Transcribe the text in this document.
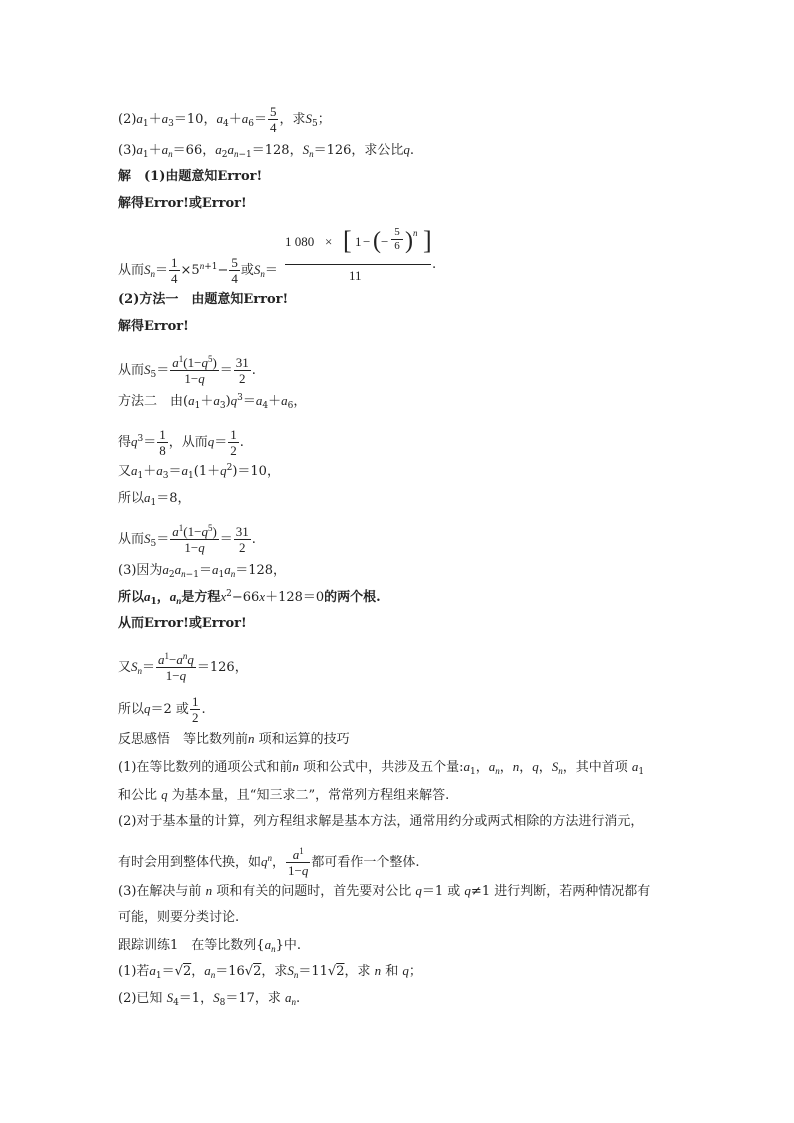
$(2)a_1+a_3=10$，$a_4+a_6= \frac{5}{4}$ ，求$S_5$；
$(3)a_1+a_n=66$，$a_2a_{n-1}=128$，$S_n=126$，求公比q.
解　 (1)由题意知Error!
解得Error!或Error!
从而$S_n= \frac{1}{4} \times 5^{n+1}- \frac{5}{4}$ 或$S_n=$
1 080 × [ 1 − ( −
5
6 ) n ]
11
.
(2)方法一　由题意知Error!
解得Error!
从而$S_5= \frac{a^1(1-q^5)}{1-q} = \frac{31}{2}$ .
方法二　由$(a_1+a_3)q^3=a_4+a_6$，
得$q^3= \frac{1}{8}$ ，从而$q= \frac{1}{2}$ .
又$a_1+a_3=a_1(1+q^2)=10$，
所以$a_1=8$，
从而$S_5= \frac{a^1(1-q^5)}{1-q} = \frac{31}{2}$ .
(3)因为$a_2a_{n-1}=a_1a_n=128$，
所以$a_1$，$a_n$是方程$x^2-66x+128=0$的两个根.
从而Error!或Error!
又$S_n= \frac{a^1-a^nq}{1-q} =126$，
所以q＝2 或 $\frac{1}{2}$ .
反思感悟　等比数列前n 项和运算的技巧
(1)在等比数列的通项公式和前n 项和公式中，共涉及五个量$:a_1$，$a_n$，n，q，$S_n$，其中首项 $a_1$
和公比 q 为基本量，且“知三求二”，常常列方程组来解答.
(2)对于基本量的计算，列方程组求解是基本方法，通常用约分或两式相除的方法进行消元，
有时会用到整体代换，如$q^n$， $\frac{a^1}{1-q}$ 都可看作一个整体.
(3)在解决与前 n 项和有关的问题时，首先要对公比 q＝1 或 q≠1 进行判断，若两种情况都有
可能，则要分类讨论.
跟踪训练1　在等比数列$\{a_n\}$中.
(1)若$a_1=√2$，$a_n=16√2$，求$S_n=11√2$，求 n 和 q；
(2)已知 $S_4=1$，$S_8=17$，求 $a_n$.
